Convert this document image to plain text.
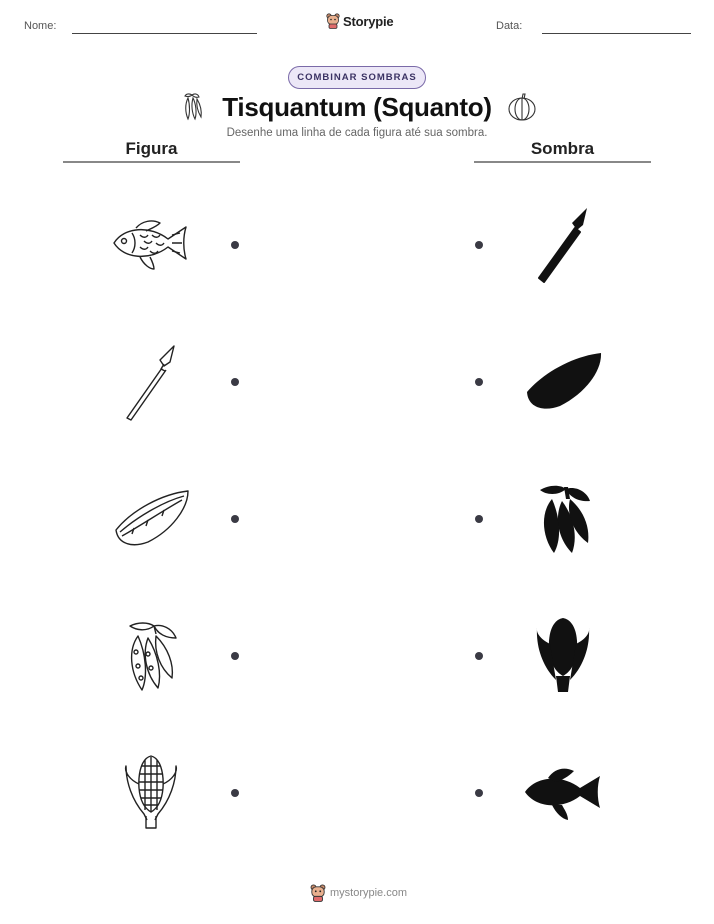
Nome:	Storypie	Data:
COMBINAR SOMBRAS
Tisquantum (Squanto)
Desenhe uma linha de cada figura até sua sombra.
Figura	Sombra
mystorypie.com
